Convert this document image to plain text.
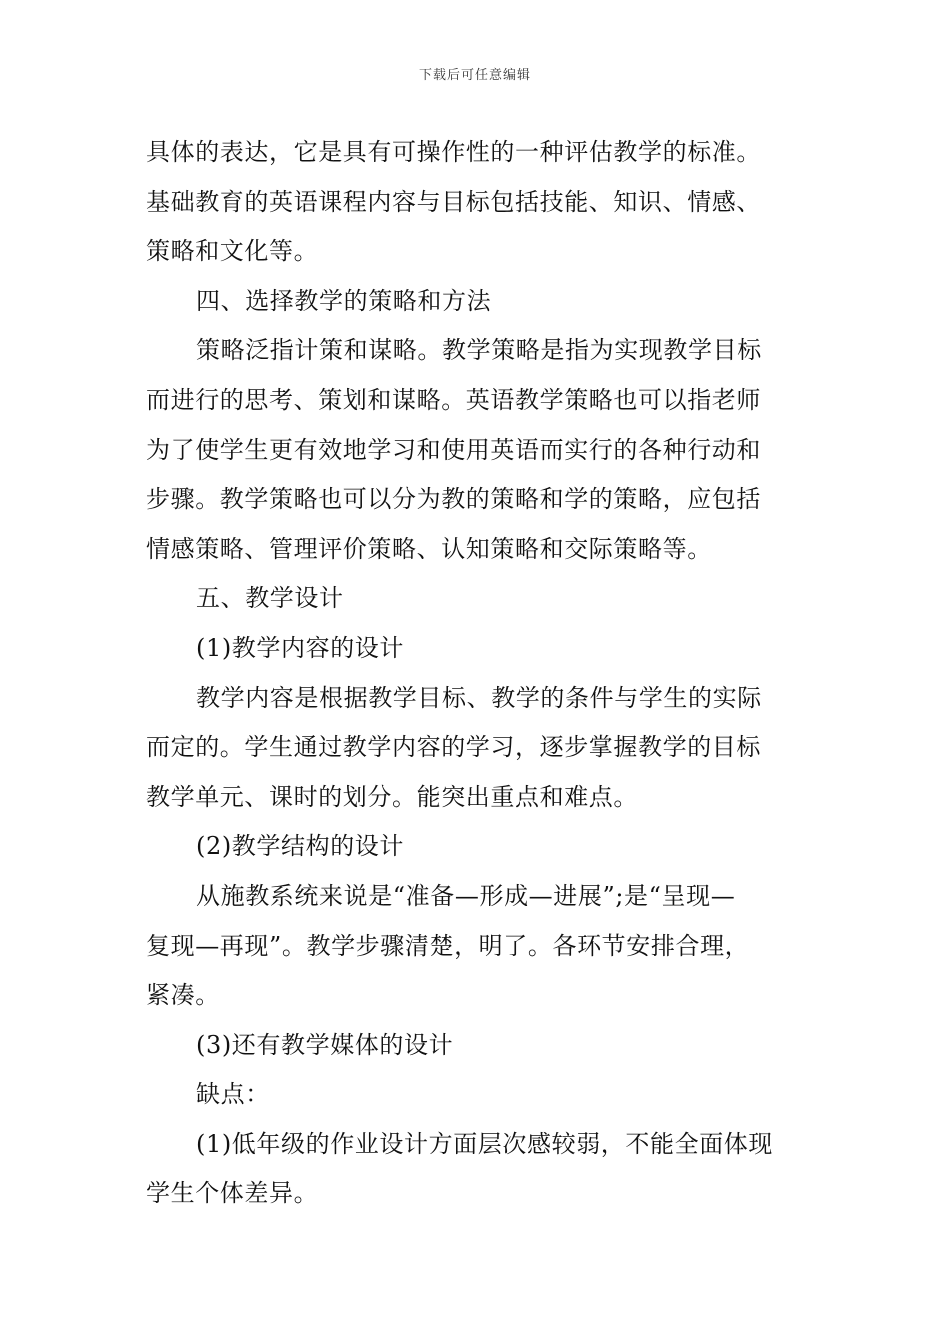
下载后可任意编辑
具体的表达，它是具有可操作性的一种评估教学的标准。
基础教育的英语课程内容与目标包括技能、知识、情感、
策略和文化等。
四、选择教学的策略和方法
策略泛指计策和谋略。教学策略是指为实现教学目标
而进行的思考、策划和谋略。英语教学策略也可以指老师
为了使学生更有效地学习和使用英语而实行的各种行动和
步骤。教学策略也可以分为教的策略和学的策略，应包括
情感策略、管理评价策略、认知策略和交际策略等。
五、教学设计
(1)教学内容的设计
教学内容是根据教学目标、教学的条件与学生的实际
而定的。学生通过教学内容的学习，逐步掌握教学的目标
教学单元、课时的划分。能突出重点和难点。
(2)教学结构的设计
从施教系统来说是“准备—形成—进展”;是“呈现—
复现—再现”。教学步骤清楚，明了。各环节安排合理，
紧凑。
(3)还有教学媒体的设计
缺点：
(1)低年级的作业设计方面层次感较弱，不能全面体现
学生个体差异。
